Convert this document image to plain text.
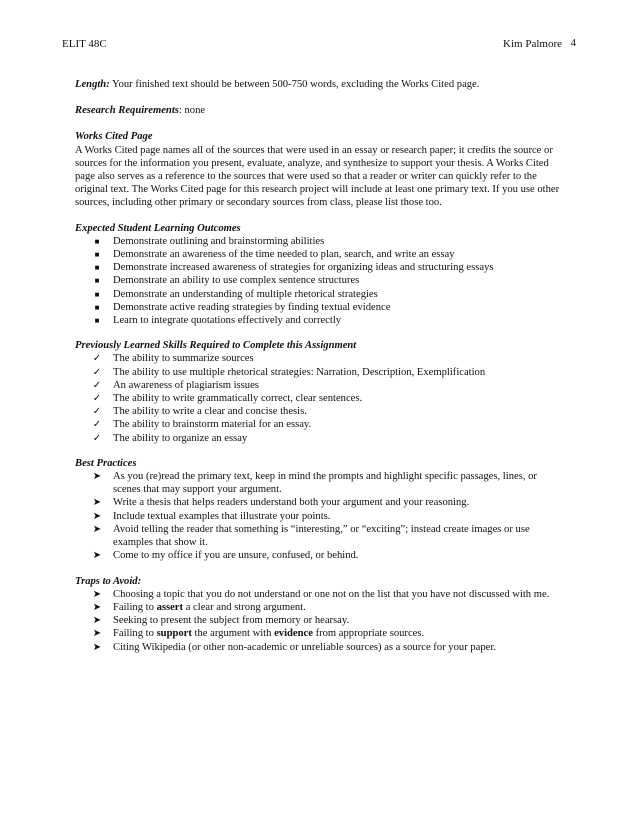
ELIT 48C	Kim Palmore 4

Length: Your finished text should be between 500-750 words, excluding the Works Cited page.

Research Requirements: none

Works Cited Page

A Works Cited page names all of the sources that were used in an essay or research paper; it credits the source or sources for the information you present, evaluate, analyze, and synthesize to support your thesis. A Works Cited page also serves as a reference to the sources that were used so that a reader or writer can quickly refer to the original text. The Works Cited page for this research project will include at least one primary text. If you use other sources, including other primary or secondary sources from class, please list those too.

Expected Student Learning Outcomes

■	Demonstrate outlining and brainstorming abilities
■	Demonstrate an awareness of the time needed to plan, search, and write an essay
■	Demonstrate increased awareness of strategies for organizing ideas and structuring essays
■	Demonstrate an ability to use complex sentence structures
■	Demonstrate an understanding of multiple rhetorical strategies
■	Demonstrate active reading strategies by finding textual evidence
■	Learn to integrate quotations effectively and correctly

Previously Learned Skills Required to Complete this Assignment

✓ The ability to summarize sources
✓ The ability to use multiple rhetorical strategies: Narration, Description, Exemplification
✓ An awareness of plagiarism issues
✓ The ability to write grammatically correct, clear sentences.
✓ The ability to write a clear and concise thesis.
✓ The ability to brainstorm material for an essay.
✓ The ability to organize an essay

Best Practices

➤ As you (re)read the primary text, keep in mind the prompts and highlight specific passages, lines, or scenes that may support your argument.
➤ Write a thesis that helps readers understand both your argument and your reasoning.
➤ Include textual examples that illustrate your points.
➤ Avoid telling the reader that something is “interesting,” or “exciting”; instead create images or use examples that show it.
➤ Come to my office if you are unsure, confused, or behind.

Traps to Avoid:

➤ Choosing a topic that you do not understand or one not on the list that you have not discussed with me.
➤ Failing to assert a clear and strong argument.
➤ Seeking to present the subject from memory or hearsay.
➤ Failing to support the argument with evidence from appropriate sources.
➤ Citing Wikipedia (or other non-academic or unreliable sources) as a source for your paper.
